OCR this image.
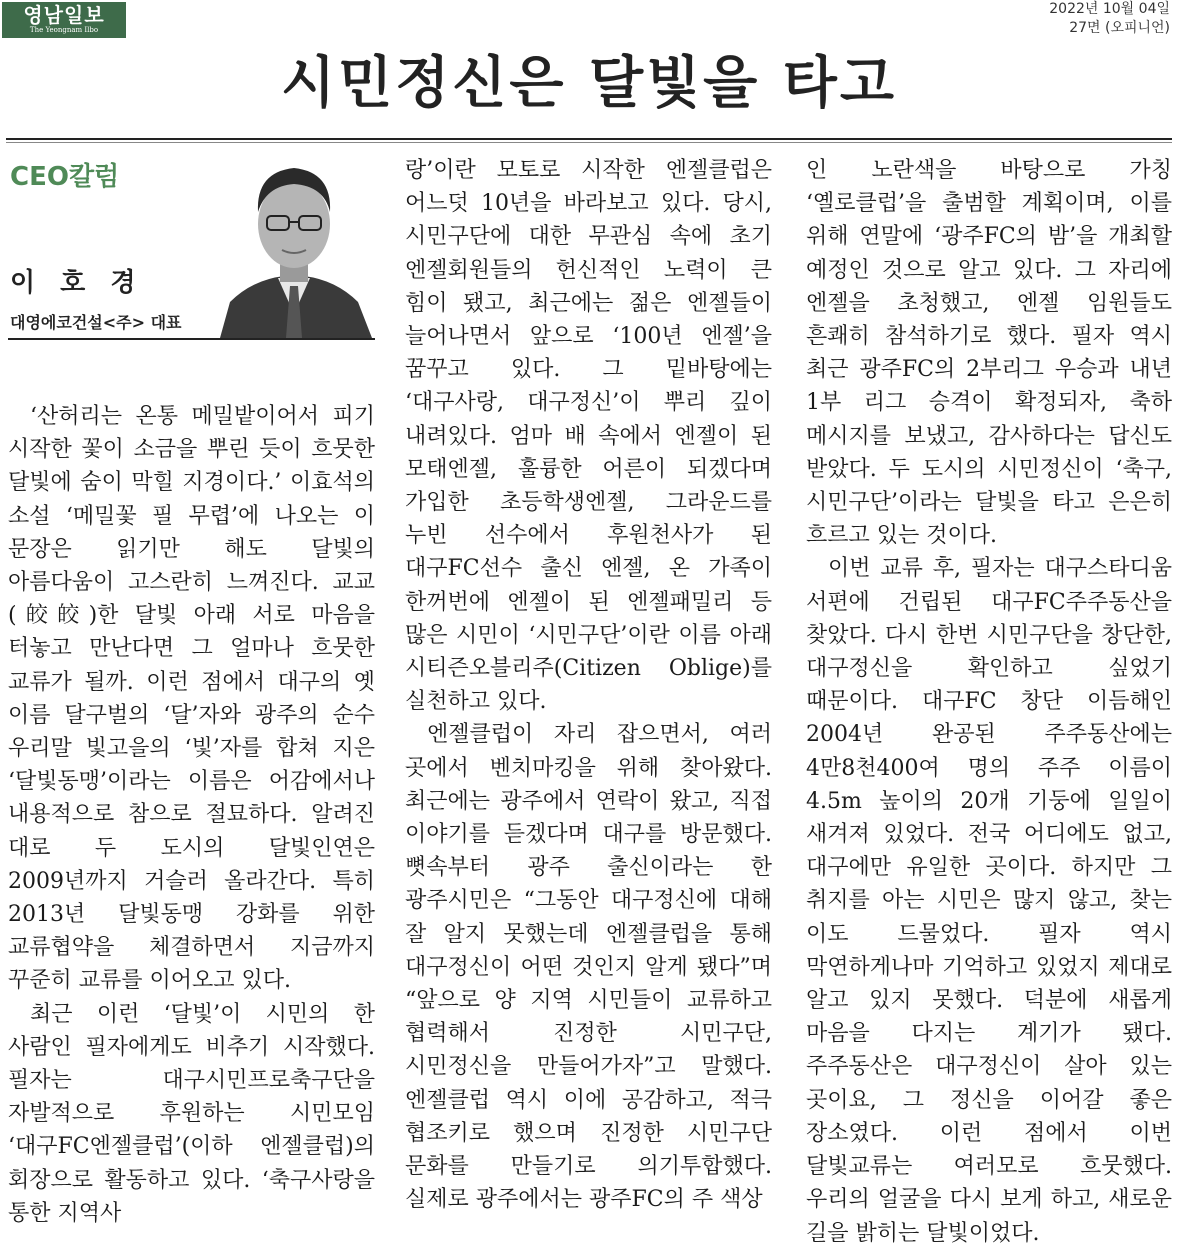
영남일보
The Yeongnam Ilbo
2022년 10월 04일
27면 (오피니언)
시민정신은 달빛을 타고
CEO칼럼
이 호 경
대영에코건설<주> 대표

‘산허리는 온통 메밀밭이어서 피기 시작한 꽃이 소금을 뿌린 듯이 흐뭇한 달빛에 숨이 막힐 지경이다.’ 이효석의 소설 ‘메밀꽃 필 무렵’에 나오는 이 문장은 읽기만 해도 달빛의 아름다움이 고스란히 느껴진다. 교교(皎皎)한 달빛 아래 서로 마음을 터놓고 만난다면 그 얼마나 흐뭇한 교류가 될까. 이런 점에서 대구의 옛 이름 달구벌의 ‘달’자와 광주의 순수 우리말 빛고을의 ‘빛’자를 합쳐 지은 ‘달빛동맹’이라는 이름은 어감에서나 내용적으로 참으로 절묘하다. 알려진 대로 두 도시의 달빛인연은 2009년까지 거슬러 올라간다. 특히 2013년 달빛동맹 강화를 위한 교류협약을 체결하면서 지금까지 꾸준히 교류를 이어오고 있다.

최근 이런 ‘달빛’이 시민의 한 사람인 필자에게도 비추기 시작했다. 필자는 대구시민프로축구단을 자발적으로 후원하는 시민모임 ‘대구FC엔젤클럽’(이하 엔젤클럽)의 회장으로 활동하고 있다. ‘축구사랑을 통한 지역사

랑’이란 모토로 시작한 엔젤클럽은 어느덧 10년을 바라보고 있다. 당시, 시민구단에 대한 무관심 속에 초기 엔젤회원들의 헌신적인 노력이 큰 힘이 됐고, 최근에는 젊은 엔젤들이 늘어나면서 앞으로 ‘100년 엔젤’을 꿈꾸고 있다. 그 밑바탕에는 ‘대구사랑, 대구정신’이 뿌리 깊이 내려있다. 엄마 배 속에서 엔젤이 된 모태엔젤, 훌륭한 어른이 되겠다며 가입한 초등학생엔젤, 그라운드를 누빈 선수에서 후원천사가 된 대구FC선수 출신 엔젤, 온 가족이 한꺼번에 엔젤이 된 엔젤패밀리 등 많은 시민이 ‘시민구단’이란 이름 아래 시티즌오블리주(Citizen Oblige)를 실천하고 있다.

엔젤클럽이 자리 잡으면서, 여러 곳에서 벤치마킹을 위해 찾아왔다. 최근에는 광주에서 연락이 왔고, 직접 이야기를 듣겠다며 대구를 방문했다. 뼛속부터 광주 출신이라는 한 광주시민은 “그동안 대구정신에 대해 잘 알지 못했는데 엔젤클럽을 통해 대구정신이 어떤 것인지 알게 됐다”며 “앞으로 양 지역 시민들이 교류하고 협력해서 진정한 시민구단, 시민정신을 만들어가자”고 말했다. 엔젤클럽 역시 이에 공감하고, 적극 협조키로 했으며 진정한 시민구단 문화를 만들기로 의기투합했다. 실제로 광주에서는 광주FC의 주 색상

인 노란색을 바탕으로 가칭 ‘옐로클럽’을 출범할 계획이며, 이를 위해 연말에 ‘광주FC의 밤’을 개최할 예정인 것으로 알고 있다. 그 자리에 엔젤을 초청했고, 엔젤 임원들도 흔쾌히 참석하기로 했다. 필자 역시 최근 광주FC의 2부리그 우승과 내년 1부 리그 승격이 확정되자, 축하 메시지를 보냈고, 감사하다는 답신도 받았다. 두 도시의 시민정신이 ‘축구, 시민구단’이라는 달빛을 타고 은은히 흐르고 있는 것이다.

이번 교류 후, 필자는 대구스타디움 서편에 건립된 대구FC주주동산을 찾았다. 다시 한번 시민구단을 창단한, 대구정신을 확인하고 싶었기 때문이다. 대구FC 창단 이듬해인 2004년 완공된 주주동산에는 4만8천400여 명의 주주 이름이 4.5m 높이의 20개 기둥에 일일이 새겨져 있었다. 전국 어디에도 없고, 대구에만 유일한 곳이다. 하지만 그 취지를 아는 시민은 많지 않고, 찾는 이도 드물었다. 필자 역시 막연하게나마 기억하고 있었지 제대로 알고 있지 못했다. 덕분에 새롭게 마음을 다지는 계기가 됐다. 주주동산은 대구정신이 살아 있는 곳이요, 그 정신을 이어갈 좋은 장소였다. 이런 점에서 이번 달빛교류는 여러모로 흐뭇했다. 우리의 얼굴을 다시 보게 하고, 새로운 길을 밝히는 달빛이었다.
